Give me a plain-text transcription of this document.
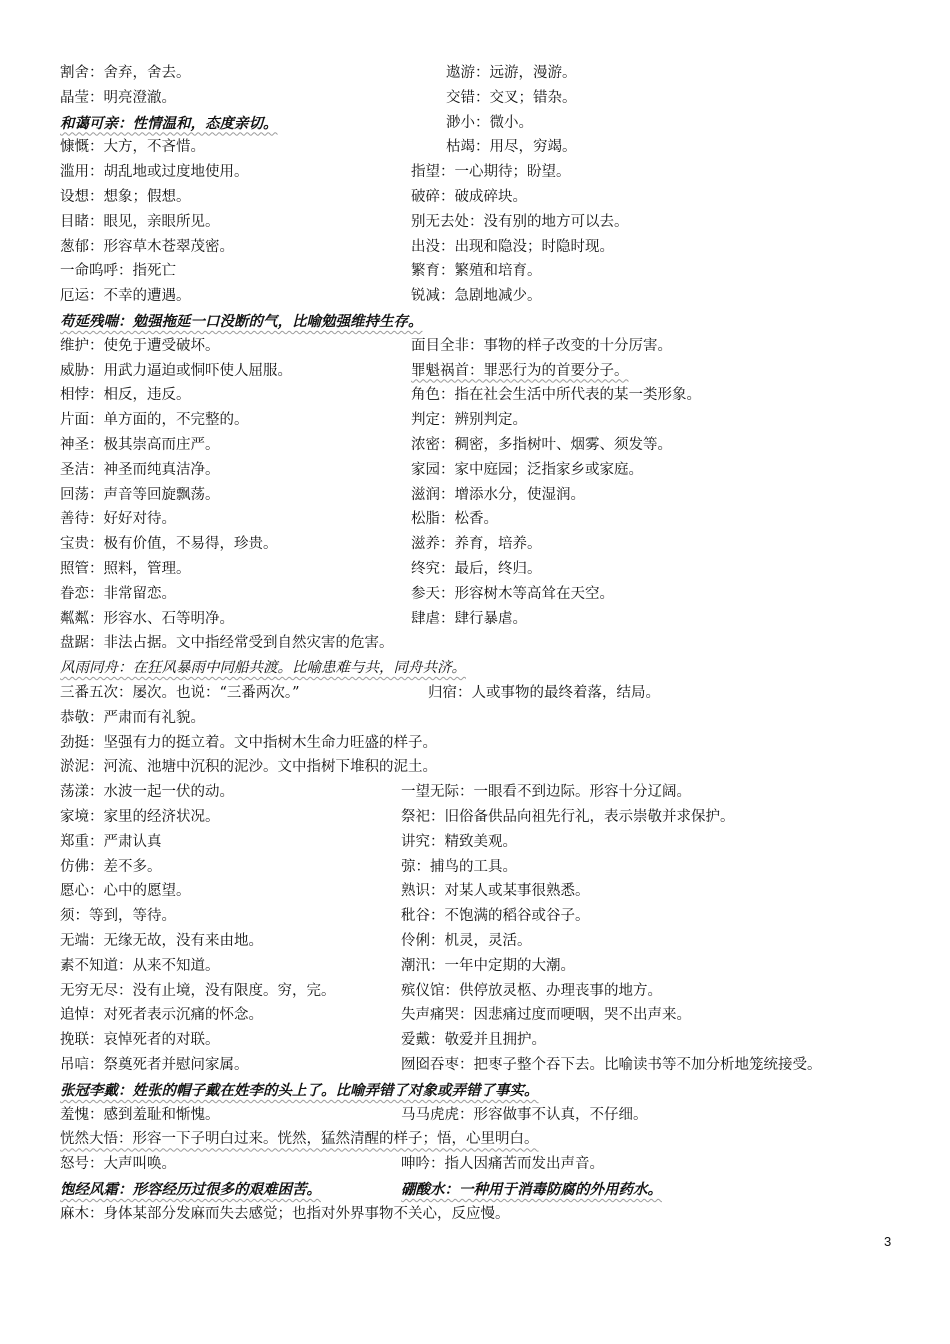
割舍：舍弃，舍去。	遨游：远游，漫游。
晶莹：明亮澄澈。	交错：交叉；错杂。
和蔼可亲：性情温和，态度亲切。	渺小：微小。
慷慨：大方，不吝惜。	枯竭：用尽，穷竭。
滥用：胡乱地或过度地使用。	指望：一心期待；盼望。
设想：想象；假想。	破碎：破成碎块。
目睹：眼见，亲眼所见。	别无去处：没有别的地方可以去。
葱郁：形容草木苍翠茂密。	出没：出现和隐没；时隐时现。
一命呜呼：指死亡	繁育：繁殖和培育。
厄运：不幸的遭遇。	锐减：急剧地减少。
苟延残喘：勉强拖延一口没断的气，比喻勉强维持生存。
维护：使免于遭受破坏。	面目全非：事物的样子改变的十分厉害。
威胁：用武力逼迫或恫吓使人屈服。	罪魁祸首：罪恶行为的首要分子。
相悖：相反，违反。	角色：指在社会生活中所代表的某一类形象。
片面：单方面的，不完整的。	判定：辨别判定。
神圣：极其崇高而庄严。	浓密：稠密，多指树叶、烟雾、须发等。
圣洁：神圣而纯真洁净。	家园：家中庭园；泛指家乡或家庭。
回荡：声音等回旋飘荡。	滋润：增添水分，使湿润。
善待：好好对待。	松脂：松香。
宝贵：极有价值，不易得，珍贵。	滋养：养育，培养。
照管：照料，管理。	终究：最后，终归。
眷恋：非常留恋。	参天：形容树木等高耸在天空。
粼粼：形容水、石等明净。	肆虐：肆行暴虐。
盘踞：非法占据。文中指经常受到自然灾害的危害。
风雨同舟：在狂风暴雨中同船共渡。比喻患难与共，同舟共济。
三番五次：屡次。也说：“三番两次。”	归宿：人或事物的最终着落，结局。
恭敬：严肃而有礼貌。
劲挺：坚强有力的挺立着。文中指树木生命力旺盛的样子。
淤泥：河流、池塘中沉积的泥沙。文中指树下堆积的泥土。
荡漾：水波一起一伏的动。	一望无际：一眼看不到边际。形容十分辽阔。
家境：家里的经济状况。	祭祀：旧俗备供品向祖先行礼，表示崇敬并求保护。
郑重：严肃认真	讲究：精致美观。
仿佛：差不多。	弶：捕鸟的工具。
愿心：心中的愿望。	熟识：对某人或某事很熟悉。
须：等到，等待。	秕谷：不饱满的稻谷或谷子。
无端：无缘无故，没有来由地。	伶俐：机灵，灵活。
素不知道：从来不知道。	潮汛：一年中定期的大潮。
无穷无尽：没有止境，没有限度。穷，完。	殡仪馆：供停放灵柩、办理丧事的地方。
追悼：对死者表示沉痛的怀念。	失声痛哭：因悲痛过度而哽咽，哭不出声来。
挽联：哀悼死者的对联。	爱戴：敬爱并且拥护。
吊唁：祭奠死者并慰问家属。	囫囵吞枣：把枣子整个吞下去。比喻读书等不加分析地笼统接受。
张冠李戴：姓张的帽子戴在姓李的头上了。比喻弄错了对象或弄错了事实。
羞愧：感到羞耻和惭愧。	马马虎虎：形容做事不认真，不仔细。
恍然大悟：形容一下子明白过来。恍然，猛然清醒的样子；悟，心里明白。
怒号：大声叫唤。	呻吟：指人因痛苦而发出声音。
饱经风霜：形容经历过很多的艰难困苦。	硼酸水：一种用于消毒防腐的外用药水。
麻木：身体某部分发麻而失去感觉；也指对外界事物不关心，反应慢。
3
